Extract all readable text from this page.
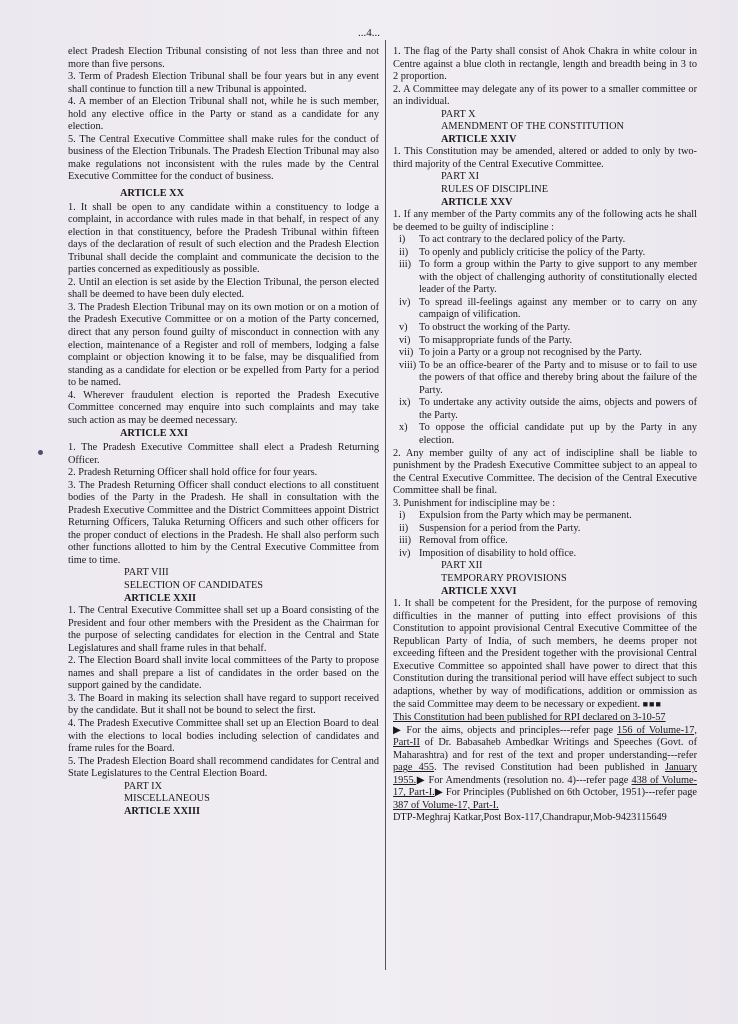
...4...

elect Pradesh Election Tribunal consisting of not less than three and not more than five persons.

3. Term of Pradesh Election Tribunal shall be four years but in any event shall continue to function till a new Tribunal is appointed.

4. A member of an Election Tribunal shall not, while he is such member, hold any elective office in the Party or stand as a candidate for any election.

5. The Central Executive Committee shall make rules for the conduct of business of the Election Tribunals. The Pradesh Election Tribunal may also make regulations not inconsistent with the rules made by the Central Executive Committee for the conduct of business.

ARTICLE XX

1. It shall be open to any candidate within a constituency to lodge a complaint, in accordance with rules made in that behalf, in respect of any election in that constituency, before the Pradesh Tribunal within fifteen days of the declaration of result of such election and the Pradesh Election Tribunal shall decide the complaint and communicate the decision to the parties concerned as expeditiously as possible.

2. Until an election is set aside by the Election Tribunal, the person elected shall be deemed to have been duly elected.

3. The Pradesh Election Tribunal may on its own motion or on a motion of the Pradesh Executive Committee or on a motion of the Party concerned, direct that any person found guilty of misconduct in connection with any election, maintenance of a Register and roll of members, lodging a false complaint or objection knowing it to be false, may be disqualified from standing as a candidate for election or be expelled from Party for a period to be named.

4. Wherever fraudulent election is reported the Pradesh Executive Committee concerned may enquire into such complaints and may take such action as may be deemed necessary.

ARTICLE XXI

1. The Pradesh Executive Committee shall elect a Pradesh Returning Officer.

2. Pradesh Returning Officer shall hold office for four years.

3. The Pradesh Returning Officer shall conduct elections to all constituent bodies of the Party in the Pradesh. He shall in consultation with the Pradesh Executive Committee and the District Committees appoint District Returning Officers, Taluka Returning Officers and such other officers for the proper conduct of elections in the Pradesh. He shall also perform such other functions allotted to him by the Central Executive Committee from time to time.

PART VIII

SELECTION OF CANDIDATES

ARTICLE XXII

1. The Central Executive Committee shall set up a Board consisting of the President and four other members with the President as the Chairman for the purpose of selecting candidates for election in the Central and State Legislatures and shall frame rules in that behalf.

2. The Election Board shall invite local committees of the Party to propose names and shall prepare a list of candidates in the order based on the support gained by the candidate.

3. The Board in making its selection shall have regard to support received by the candidate. But it shall not be bound to select the first.

4. The Pradesh Executive Committee shall set up an Election Board to deal with the elections to local bodies including selection of candidates and frame rules for the Board.

5. The Pradesh Election Board shall recommend candidates for Central and State Legislatures to the Central Election Board.

PART IX

MISCELLANEOUS

ARTICLE XXIII

1. The flag of the Party shall consist of Ahok Chakra in white colour in Centre against a blue cloth in rectangle, length and breadth being in 3 to 2 proportion.

2. A Committee may delegate any of its power to a smaller committee or an individual.

PART X

AMENDMENT OF THE CONSTITUTION

ARTICLE XXIV

1. This Constitution may be amended, altered or added to only by two-third majority of the Central Executive Committee.

PART XI

RULES OF DISCIPLINE

ARTICLE XXV

1. If any member of the Party commits any of the following acts he shall be deemed to be guilty of indiscipline :

i)	To act contrary to the declared policy of the Party.
ii)	To openly and publicly criticise the policy of the Party.
iii) To form a group within the Party to give support to any member with the object of challenging authority of constitutionally elected leader of the Party.
iv) To spread ill-feelings against any member or to carry on any campaign of vilification.
v)	To obstruct the working of the Party.
vi) To misappropriate funds of the Party.
vii) To join a Party or a group not recognised by the Party.
viii) To be an office-bearer of the Party and to misuse or to fail to use the powers of that office and thereby bring about the failure of the Party.
ix) To undertake any activity outside the aims, objects and powers of the Party.
x)	To oppose the official candidate put up by the Party in any election.

2. Any member guilty of any act of indiscipline shall be liable to punishment by the Pradesh Executive Committee subject to an appeal to the Central Executive Committee. The decision of the Central Executive Committee shall be final.

3. Punishment for indiscipline may be :

i)	Expulsion from the Party which may be permanent.
ii)	Suspension for a period from the Party.
iii) Removal from office.
iv) Imposition of disability to hold office.

PART XII

TEMPORARY PROVISIONS

ARTICLE XXVI

1. It shall be competent for the President, for the purpose of removing difficulties in the manner of putting into effect provisions of this Constitution to appoint provisional Central Executive Committee of the Republican Party of India, of such members, he deems proper not exceeding fifteen and the President together with the provisional Central Executive Committee so appointed shall have power to direct that this Constitution during the transitional period will have effect subject to such adaptions, whether by way of modifications, addition or ommission as the said Committee may deem to be necessary or expedient. ■■■

This Constitution had been published for RPI declared on 3-10-57
▶ For the aims, objects and principles---refer page 156 of Volume-17, Part-II of Dr. Babasaheb Ambedkar Writings and Speeches (Govt. of Maharashtra) and for rest of the text and proper understanding---refer page 455. The revised Constitution had been published in January 1955.▶ For Amendments (resolution no. 4)---refer page 438 of Volume-17, Part-I.▶ For Principles (Published on 6th October, 1951)---refer page 387 of Volume-17, Part-I.

DTP-Meghraj Katkar,Post Box-117,Chandrapur,Mob-9423115649
